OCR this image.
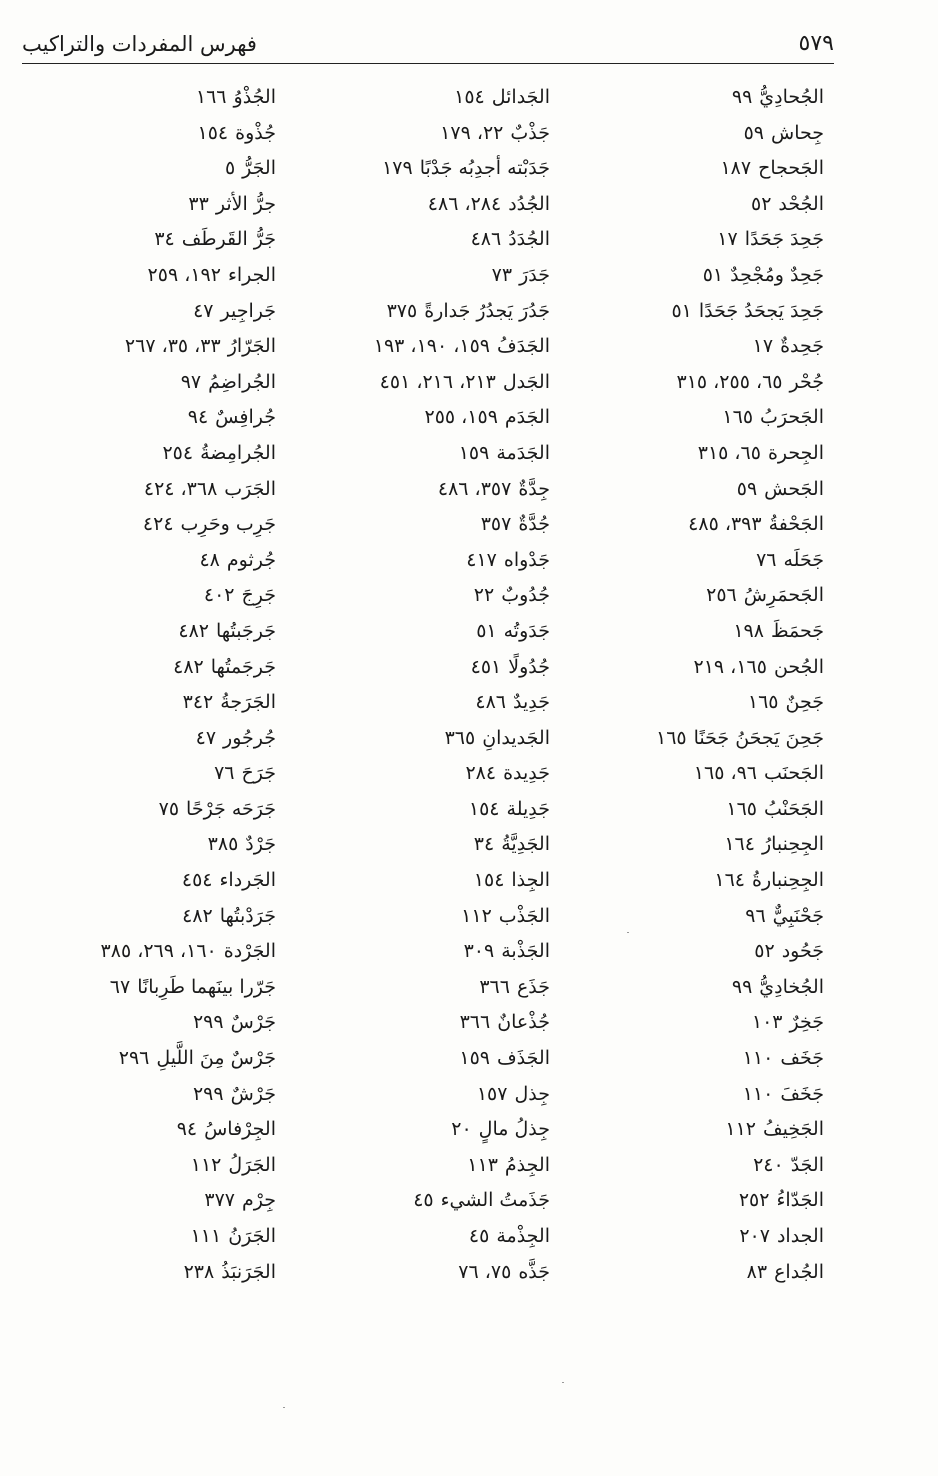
٥٧٩
فهرس المفردات والتراكيب
الجُحادِيُّ٩٩
جِحاش٥٩
الجَحجاح١٨٧
الجُحْد٥٢
جَحِدَ جَحَدًا١٧
جَحِدٌ ومُجْحِدٌ٥١
جَحِدَ يَجحَدُ جَحَدًا٥١
جَحِدةٌ١٧
جُحْر٦٥، ٢٥٥، ٣١٥
الجَحرَبُ١٦٥
الجِحرة٦٥، ٣١٥
الجَحش٥٩
الجَحْفةُ٣٩٣، ٤٨٥
جَحَلَه٧٦
الجَحمَرِشُ٢٥٦
جَحمَظَ١٩٨
الجُحن١٦٥، ٢١٩
جَحِنٌ١٦٥
جَحِنَ يَجحَنُ جَحَنًا١٦٥
الجَحنَب٩٦، ١٦٥
الجَحَنْبُ١٦٥
الجِحِنبارُ١٦٤
الجِحِنبارةُ١٦٤
جَحْنَبِيٌّ٩٦
جَحُود٥٢
الجُخادِيُّ٩٩
جَخِرٌ١٠٣
جَخَف١١٠
جَخَفَ١١٠
الجَخِيفُ١١٢
الجَدّ٢٤٠
الجَدّاءُ٢٥٢
الجداد٢٠٧
الجُداع٨٣
الجَدائل١٥٤
جَذْبٌ٢٢، ١٧٩
جَدَبْته أجدِبُه جَدْبًا١٧٩
الجُدُد٢٨٤، ٤٨٦
الجُدَدُ٤٨٦
جَدَرَ٧٣
جَدُرَ يَجدُرُ جَدارةً٣٧٥
الجَدَفُ١٥٩، ١٩٠، ١٩٣
الجَدل٢١٣، ٢١٦، ٤٥١
الجَدَم١٥٩، ٢٥٥
الجَدَمة١٥٩
جِدَّةٌ٣٥٧، ٤٨٦
جُدَّةٌ٣٥٧
جَدْواه٤١٧
جُدُوبٌ٢٢
جَدَوتُه٥١
جُدُولًا٤٥١
جَدِيدٌ٤٨٦
الجَديدانِ٣٦٥
جَدِيدة٢٨٤
جَدِيلة١٥٤
الجَدِيَّةُ٣٤
الجِذا١٥٤
الجَذْب١١٢
الجَذْبة٣٠٩
جَذَع٣٦٦
جُذْعانٌ٣٦٦
الجَذَف١٥٩
جِذل١٥٧
جِذلُ مالٍ٢٠
الجِذمُ١١٣
جَذَمتُ الشيء٤٥
الجِذْمة٤٥
جَذَّه٧٥، ٧٦
الجُذْوُ١٦٦
جُذْوة١٥٤
الجَرُّ٥
جرُّ الأثر٣٣
جَرُّ القَرطَف٣٤
الجراء١٩٢، ٢٥٩
جَراجِير٤٧
الجَرّارُ٣٣، ٣٥، ٢٦٧
الجُراضِمُ٩٧
جُرافِسٌ٩٤
الجُرامِضةُ٢٥٤
الجَرَب٣٦٨، ٤٢٤
جَرِب وحَرِب٤٢٤
جُرثوم٤٨
جَرِجَ٤٠٢
جَرجَبتُها٤٨٢
جَرجَمتُها٤٨٢
الجَرَجةُ٣٤٢
جُرجُور٤٧
جَرَحَ٧٦
جَرَحَه جَرْحًا٧٥
جَرْدٌ٣٨٥
الجَرداء٤٥٤
جَرَدْبتُها٤٨٢
الجَرْدة١٦٠، ٢٦٩، ٣٨٥
جَرّرا بينَهما طَرِبانًا٦٧
جَرْسٌ٢٩٩
جَرْسٌ مِنَ اللَّيلِ٢٩٦
جَرْشٌ٢٩٩
الجِرْفاسُ٩٤
الجَرَلُ١١٢
جِرْم٣٧٧
الجَرَنُ١١١
الجَرَنبَذُ٢٣٨
